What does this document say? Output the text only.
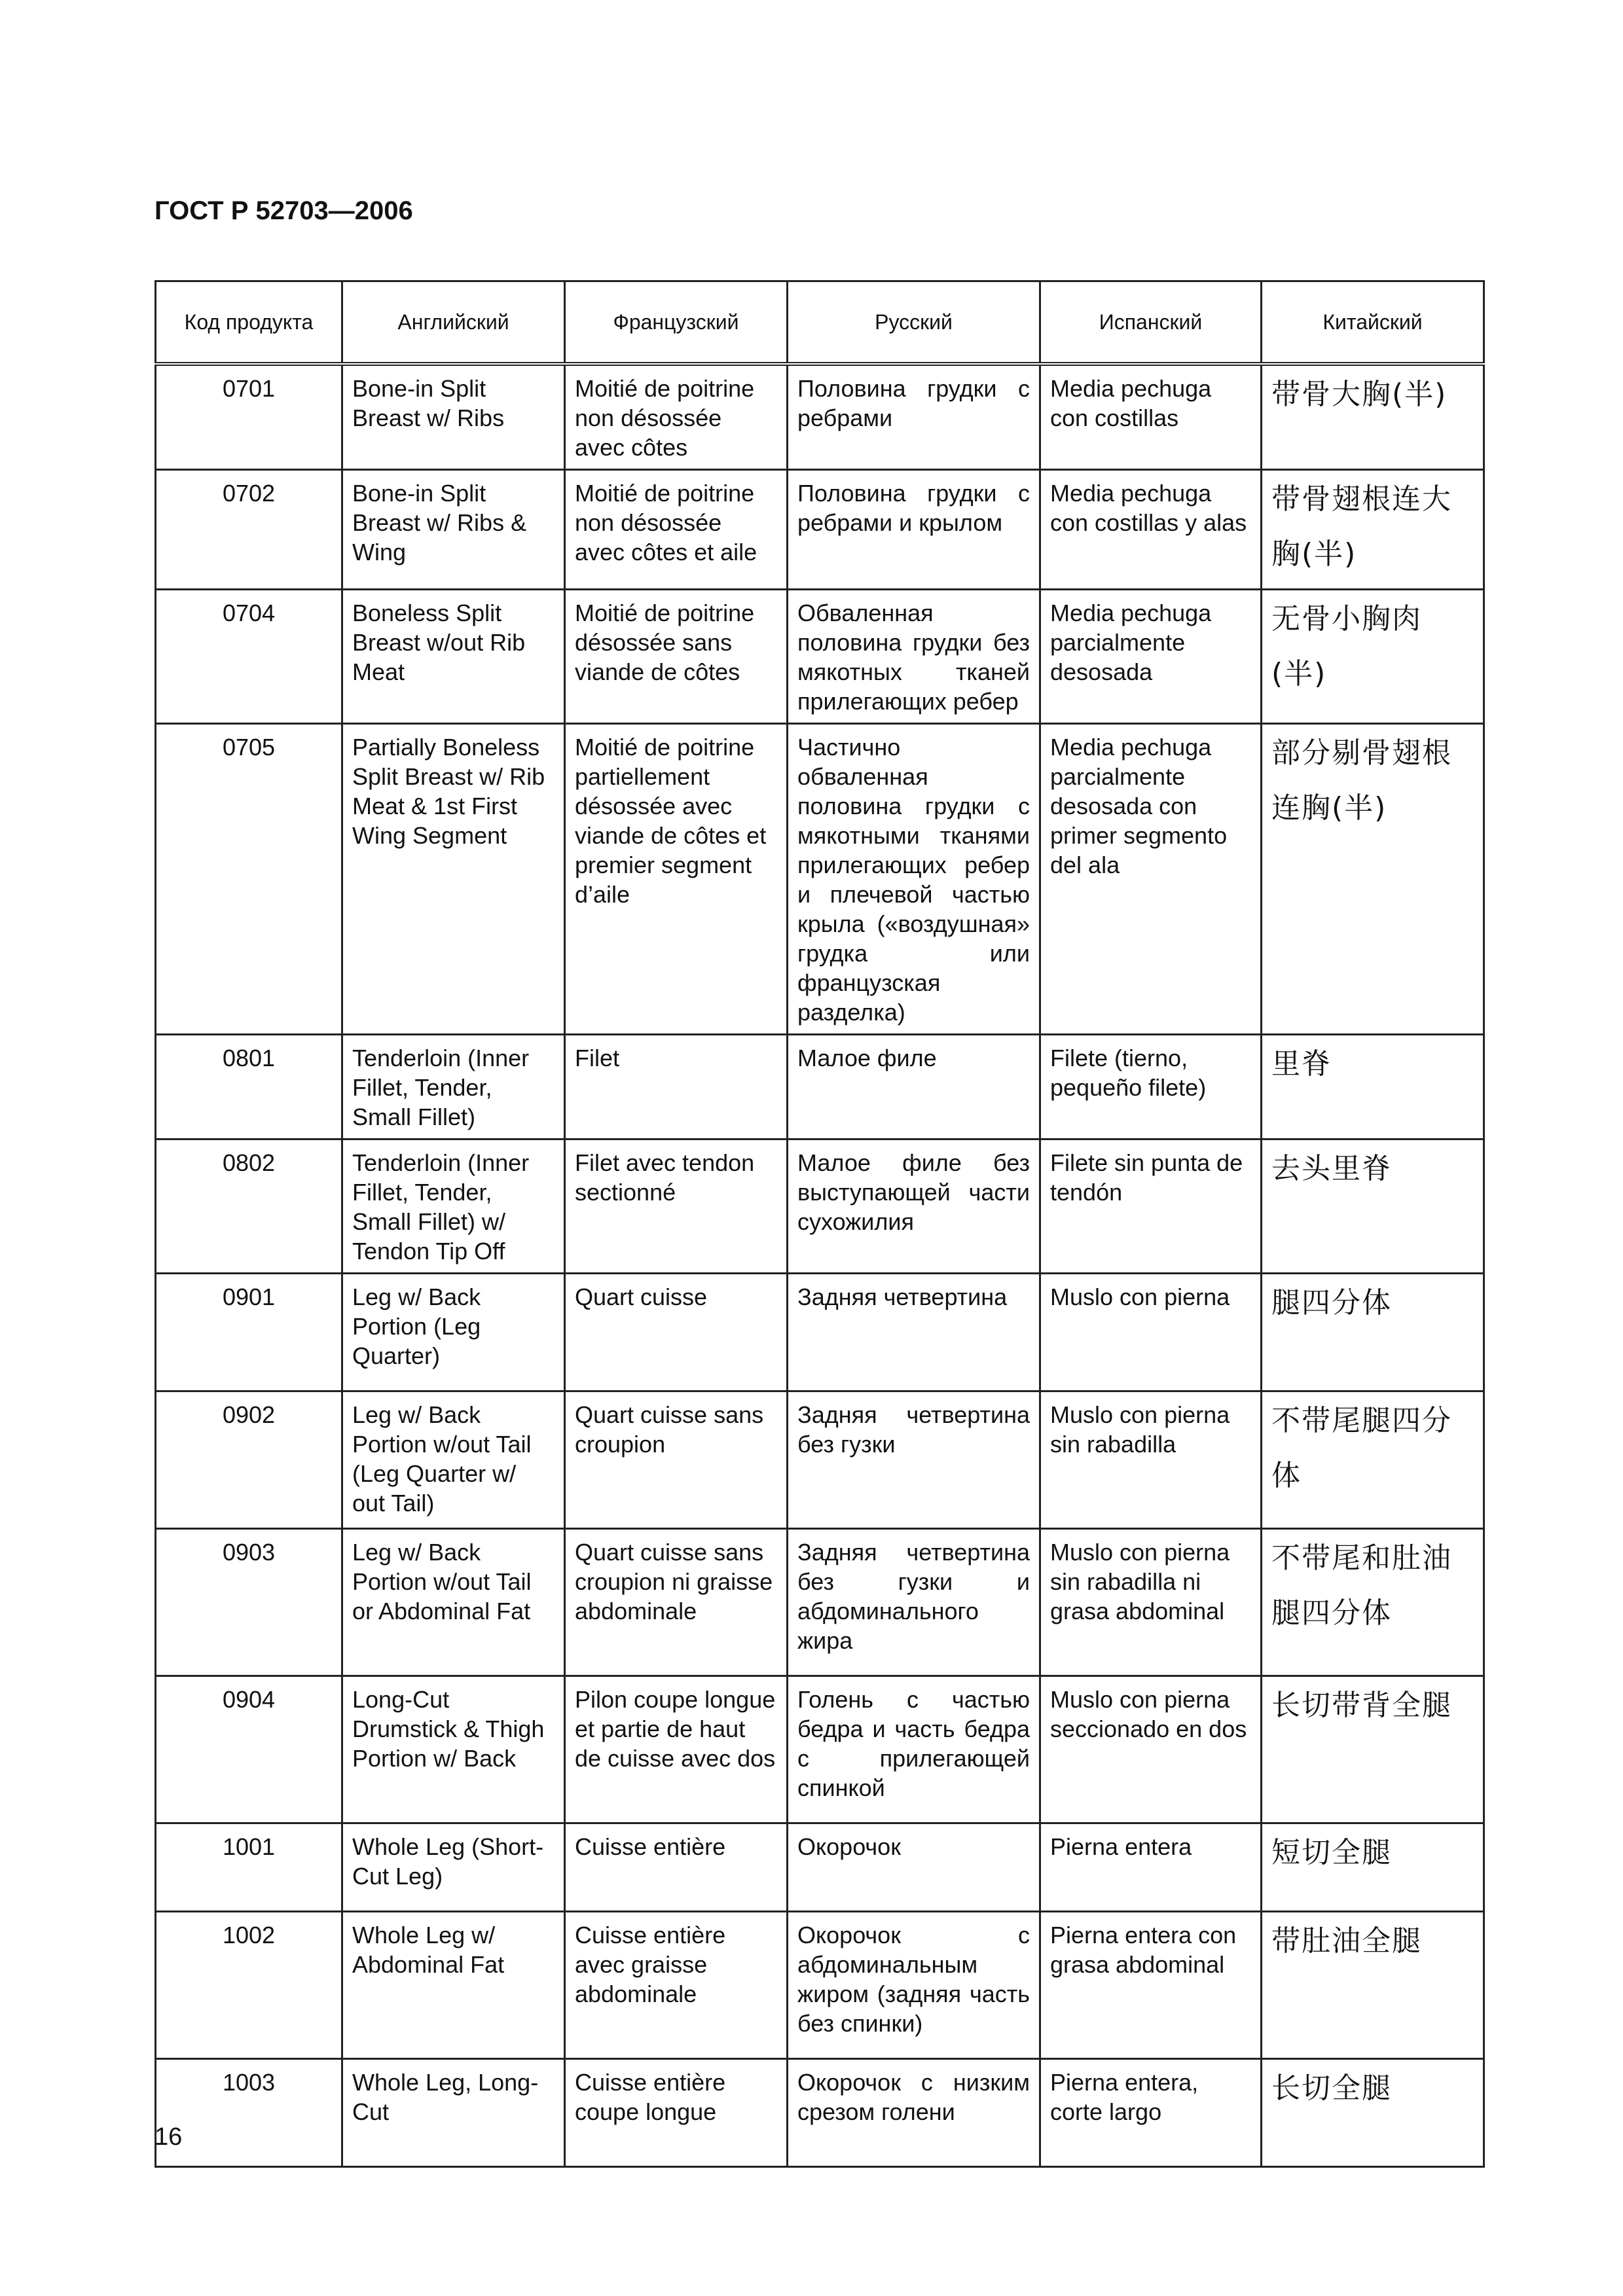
ГОСТ Р 52703—2006
Код продукта	Английский	Французский	Русский	Испанский	Китайский
0701	Bone-in Split Breast w/ Ribs	Moitié de poitrine non désossée avec côtes	Половина грудки с ребрами	Media pechuga con costillas	带骨大胸(半)
0702	Bone-in Split Breast w/ Ribs & Wing	Moitié de poitrine non désossée avec côtes et aile	Половина грудки с ребрами и крылом	Media pechuga con costillas y alas	带骨翅根连大胸(半)
0704	Boneless Split Breast w/out Rib Meat	Moitié de poitrine désossée sans viande de côtes	Обваленная половина грудки без мякотных тканей прилегающих ребер	Media pechuga parcialmente desosada	无骨小胸肉(半)
0705	Partially Boneless Split Breast w/ Rib Meat & 1st First Wing Segment	Moitié de poitrine partiellement désossée avec viande de côtes et premier segment d’aile	Частично обваленная половина грудки с мякотными тканями прилегающих ребер и плечевой частью крыла («воздушная» грудка или французская разделка)	Media pechuga parcialmente desosada con primer segmento del ala	部分剔骨翅根连胸(半)
0801	Tenderloin (Inner Fillet, Tender, Small Fillet)	Filet	Малое филе	Filete (tierno, pequeño filete)	里脊
0802	Tenderloin (Inner Fillet, Tender, Small Fillet) w/ Tendon Tip Off	Filet avec tendon sectionné	Малое филе без выступающей части сухожилия	Filete sin punta de tendón	去头里脊
0901	Leg w/ Back Portion (Leg Quarter)	Quart cuisse	Задняя четвертина	Muslo con pierna	腿四分体
0902	Leg w/ Back Portion w/out Tail (Leg Quarter w/ out Tail)	Quart cuisse sans croupion	Задняя четвертина без гузки	Muslo con pierna sin rabadilla	不带尾腿四分体
0903	Leg w/ Back Portion w/out Tail or Abdominal Fat	Quart cuisse sans croupion ni graisse abdominale	Задняя четвертина без гузки и абдоминального жира	Muslo con pierna sin rabadilla ni grasa abdominal	不带尾和肚油腿四分体
0904	Long-Cut Drumstick & Thigh Portion w/ Back	Pilon coupe longue et partie de haut de cuisse avec dos	Голень с частью бедра и часть бедра с прилегающей спинкой	Muslo con pierna seccionado en dos	长切带背全腿
1001	Whole Leg (Short-Cut Leg)	Cuisse entière	Окорочок	Pierna entera	短切全腿
1002	Whole Leg w/ Abdominal Fat	Cuisse entière avec graisse abdominale	Окорочок с абдоминальным жиром (задняя часть без спинки)	Pierna entera con grasa abdominal	带肚油全腿
1003	Whole Leg, Long-Cut	Cuisse entière coupe longue	Окорочок с низким срезом голени	Pierna entera, corte largo	长切全腿
16
